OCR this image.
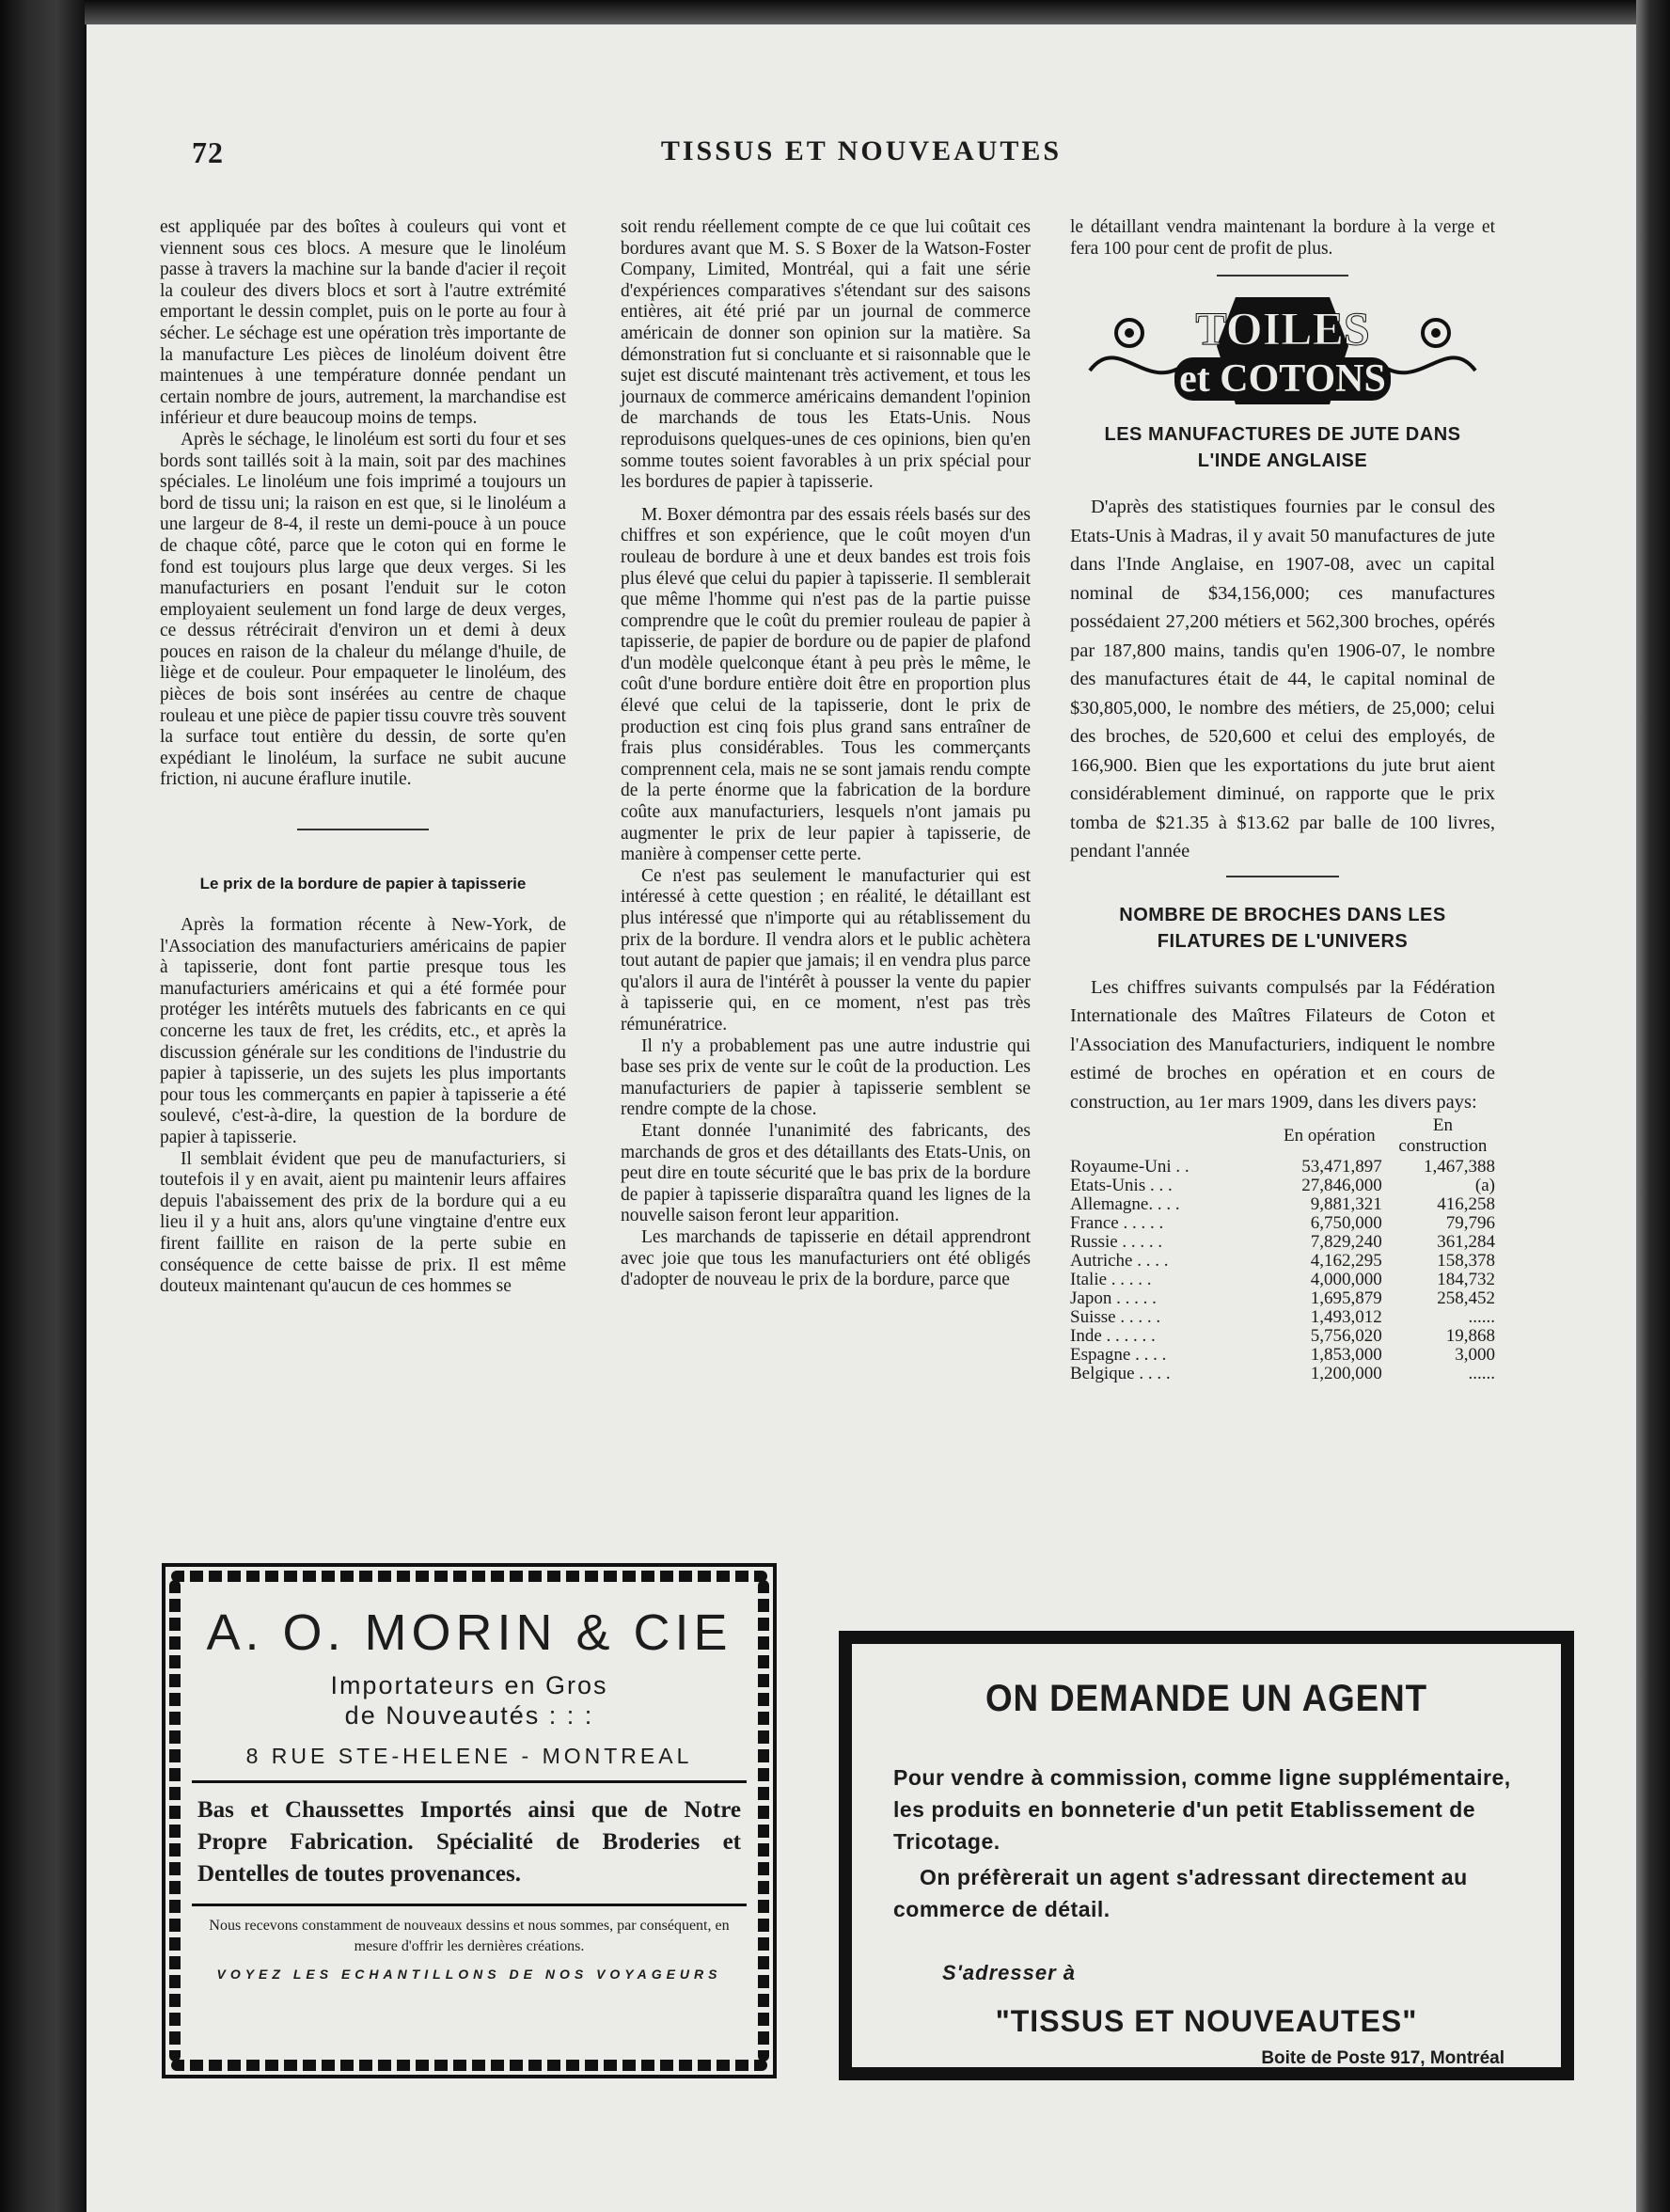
72	TISSUS ET NOUVEAUTES

est appliquée par des boîtes à couleurs qui vont et viennent sous ces blocs. A mesure que le linoléum passe à travers la machine sur la bande d'acier il reçoit la couleur des divers blocs et sort à l'autre extrémité emportant le dessin complet, puis on le porte au four à sécher. Le séchage est une opération très importante de la manufacture Les pièces de linoléum doivent être maintenues à une température donnée pendant un certain nombre de jours, autrement, la marchandise est inférieur et dure beaucoup moins de temps.

Après le séchage, le linoléum est sorti du four et ses bords sont taillés soit à la main, soit par des machines spéciales. Le linoléum une fois imprimé a toujours un bord de tissu uni; la raison en est que, si le linoléum a une largeur de 8-4, il reste un demi-pouce à un pouce de chaque côté, parce que le coton qui en forme le fond est toujours plus large que deux verges. Si les manufacturiers en posant l'enduit sur le coton employaient seulement un fond large de deux verges, ce dessus rétrécirait d'environ un et demi à deux pouces en raison de la chaleur du mélange d'huile, de liège et de couleur. Pour empaqueter le linoléum, des pièces de bois sont insérées au centre de chaque rouleau et une pièce de papier tissu couvre très souvent la surface tout entière du dessin, de sorte qu'en expédiant le linoléum, la surface ne subit aucune friction, ni aucune éraflure inutile.

Le prix de la bordure de papier à tapisserie

Après la formation récente à New-York, de l'Association des manufacturiers américains de papier à tapisserie, dont font partie presque tous les manufacturiers américains et qui a été formée pour protéger les intérêts mutuels des fabricants en ce qui concerne les taux de fret, les crédits, etc., et après la discussion générale sur les conditions de l'industrie du papier à tapisserie, un des sujets les plus importants pour tous les commerçants en papier à tapisserie a été soulevé, c'est-à-dire, la question de la bordure de papier à tapisserie.

Il semblait évident que peu de manufacturiers, si toutefois il y en avait, aient pu maintenir leurs affaires depuis l'abaissement des prix de la bordure qui a eu lieu il y a huit ans, alors qu'une vingtaine d'entre eux firent faillite en raison de la perte subie en conséquence de cette baisse de prix. Il est même douteux maintenant qu'aucun de ces hommes se

soit rendu réellement compte de ce que lui coûtait ces bordures avant que M. S. S Boxer de la Watson-Foster Company, Limited, Montréal, qui a fait une série d'expériences comparatives s'étendant sur des saisons entières, ait été prié par un journal de commerce américain de donner son opinion sur la matière. Sa démonstration fut si concluante et si raisonnable que le sujet est discuté maintenant très activement, et tous les journaux de commerce américains demandent l'opinion de marchands de tous les Etats-Unis. Nous reproduisons quelques-unes de ces opinions, bien qu'en somme toutes soient favorables à un prix spécial pour les bordures de papier à tapisserie.

M. Boxer démontra par des essais réels basés sur des chiffres et son expérience, que le coût moyen d'un rouleau de bordure à une et deux bandes est trois fois plus élevé que celui du papier à tapisserie. Il semblerait que même l'homme qui n'est pas de la partie puisse comprendre que le coût du premier rouleau de papier à tapisserie, de papier de bordure ou de papier de plafond d'un modèle quelconque étant à peu près le même, le coût d'une bordure entière doit être en proportion plus élevé que celui de la tapisserie, dont le prix de production est cinq fois plus grand sans entraîner de frais plus considérables. Tous les commerçants comprennent cela, mais ne se sont jamais rendu compte de la perte énorme que la fabrication de la bordure coûte aux manufacturiers, lesquels n'ont jamais pu augmenter le prix de leur papier à tapisserie, de manière à compenser cette perte.

Ce n'est pas seulement le manufacturier qui est intéressé à cette question ; en réalité, le détaillant est plus intéressé que n'importe qui au rétablissement du prix de la bordure. Il vendra alors et le public achètera tout autant de papier que jamais; il en vendra plus parce qu'alors il aura de l'intérêt à pousser la vente du papier à tapisserie qui, en ce moment, n'est pas très rémunératrice.

Il n'y a probablement pas une autre industrie qui base ses prix de vente sur le coût de la production. Les manufacturiers de papier à tapisserie semblent se rendre compte de la chose.

Etant donnée l'unanimité des fabricants, des marchands de gros et des détaillants des Etats-Unis, on peut dire en toute sécurité que le bas prix de la bordure de papier à tapisserie disparaîtra quand les lignes de la nouvelle saison feront leur apparition.

Les marchands de tapisserie en détail apprendront avec joie que tous les manufacturiers ont été obligés d'adopter de nouveau le prix de la bordure, parce que

le détaillant vendra maintenant la bordure à la verge et fera 100 pour cent de profit de plus.

TOILES
et COTONS
LES MANUFACTURES DE JUTE DANS L'INDE ANGLAISE

D'après des statistiques fournies par le consul des Etats-Unis à Madras, il y avait 50 manufactures de jute dans l'Inde Anglaise, en 1907-08, avec un capital nominal de $34,156,000; ces manufactures possédaient 27,200 métiers et 562,300 broches, opérés par 187,800 mains, tandis qu'en 1906-07, le nombre des manufactures était de 44, le capital nominal de $30,805,000, le nombre des métiers, de 25,000; celui des broches, de 520,600 et celui des employés, de 166,900. Bien que les exportations du jute brut aient considérablement diminué, on rapporte que le prix tomba de $21.35 à $13.62 par balle de 100 livres, pendant l'année

NOMBRE DE BROCHES DANS LES FILATURES DE L'UNIVERS

Les chiffres suivants compulsés par la Fédération Internationale des Maîtres Filateurs de Coton et l'Association des Manufacturiers, indiquent le nombre estimé de broches en opération et en cours de construction, au 1er mars 1909, dans les divers pays:

	En opération	En construction
Royaume-Uni . .	53,471,897	1,467,388
Etats-Unis . . .	27,846,000	(a)
Allemagne. . . .	9,881,321	416,258
France . . . . .	6,750,000	79,796
Russie . . . . .	7,829,240	361,284
Autriche . . . .	4,162,295	158,378
Italie . . . . .	4,000,000	184,732
Japon . . . . .	1,695,879	258,452
Suisse . . . . .	1,493,012	......
Inde . . . . . .	5,756,020	19,868
Espagne . . . .	1,853,000	3,000
Belgique . . . .	1,200,000	......
A. O. MORIN & CIE
Importateurs en Gros
de Nouveautés : : :
8 RUE STE-HELENE - MONTREAL
Bas et Chaussettes Importés ainsi que de Notre Propre Fabrication. Spécialité de Broderies et Dentelles de toutes provenances.
Nous recevons constamment de nouveaux dessins et nous sommes, par conséquent, en mesure d'offrir les dernières créations.
VOYEZ LES ECHANTILLONS DE NOS VOYAGEURS
ON DEMANDE UN AGENT
Pour vendre à commission, comme ligne supplémentaire, les produits en bonneterie d'un petit Etablissement de Tricotage.
On préfèrerait un agent s'adressant directement au commerce de détail.
S'adresser à
"TISSUS ET NOUVEAUTES"
Boite de Poste 917, Montréal
